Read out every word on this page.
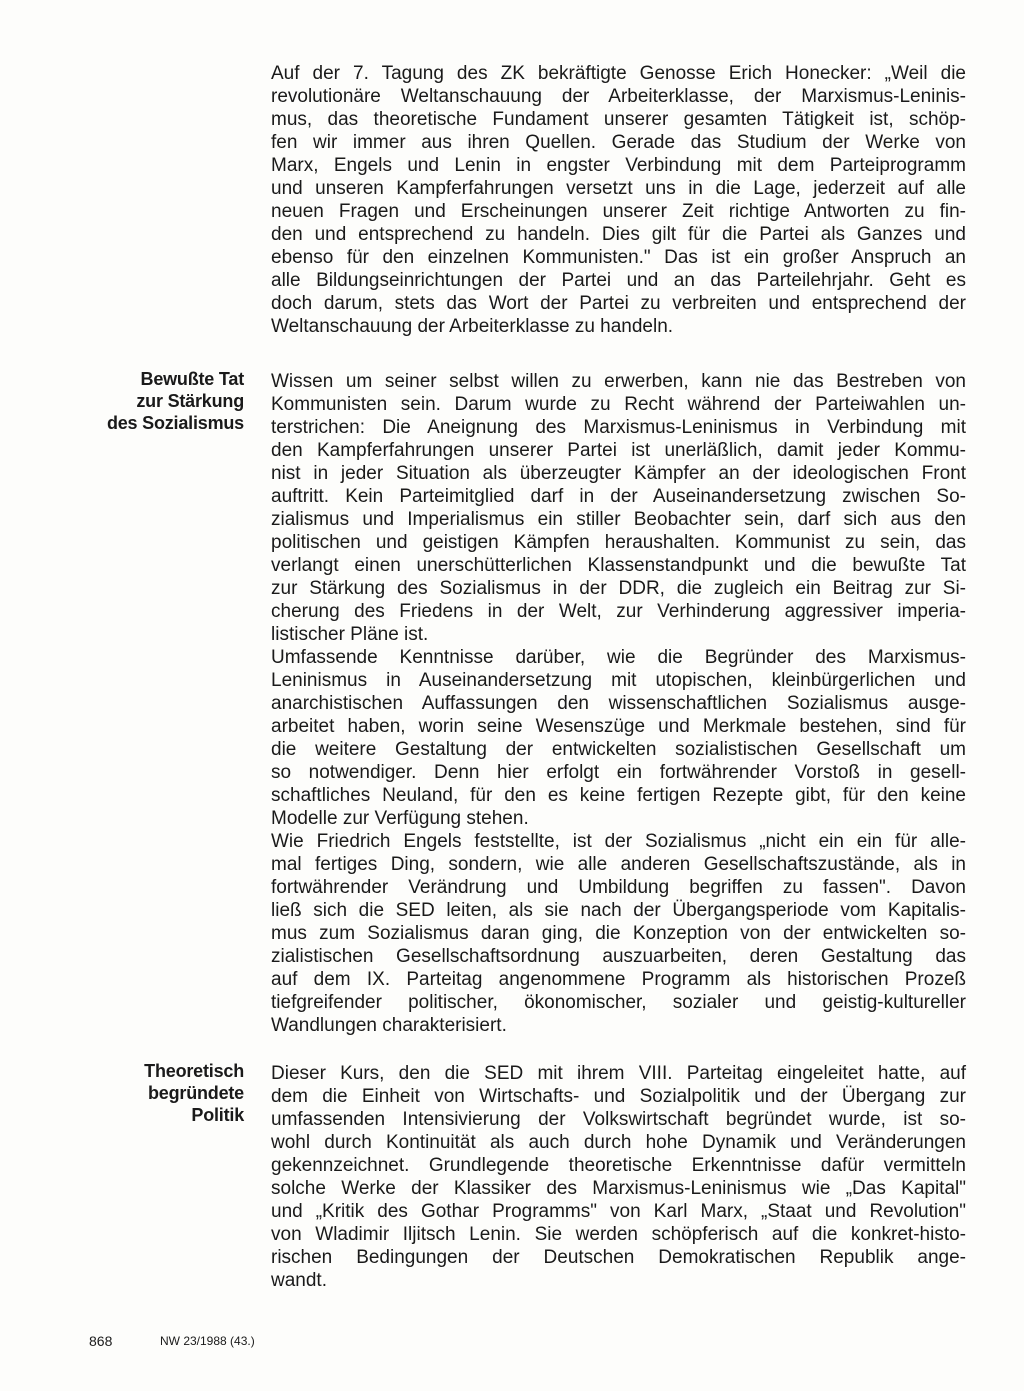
Auf der 7. Tagung des ZK bekräftigte Genosse Erich Honecker: „Weil die
revolutionäre Weltanschauung der Arbeiterklasse, der Marxismus-Leninis-
mus, das theoretische Fundament unserer gesamten Tätigkeit ist, schöp-
fen wir immer aus ihren Quellen. Gerade das Studium der Werke von
Marx, Engels und Lenin in engster Verbindung mit dem Parteiprogramm
und unseren Kampferfahrungen versetzt uns in die Lage, jederzeit auf alle
neuen Fragen und Erscheinungen unserer Zeit richtige Antworten zu fin-
den und entsprechend zu handeln. Dies gilt für die Partei als Ganzes und
ebenso für den einzelnen Kommunisten." Das ist ein großer Anspruch an
alle Bildungseinrichtungen der Partei und an das Parteilehrjahr. Geht es
doch darum, stets das Wort der Partei zu verbreiten und entsprechend der
Weltanschauung der Arbeiterklasse zu handeln.
Bewußte Tat
zur Stärkung
des Sozialismus
Wissen um seiner selbst willen zu erwerben, kann nie das Bestreben von
Kommunisten sein. Darum wurde zu Recht während der Parteiwahlen un-
terstrichen: Die Aneignung des Marxismus-Leninismus in Verbindung mit
den Kampferfahrungen unserer Partei ist unerläßlich, damit jeder Kommu-
nist in jeder Situation als überzeugter Kämpfer an der ideologischen Front
auftritt. Kein Parteimitglied darf in der Auseinandersetzung zwischen So-
zialismus und Imperialismus ein stiller Beobachter sein, darf sich aus den
politischen und geistigen Kämpfen heraushalten. Kommunist zu sein, das
verlangt einen unerschütterlichen Klassenstandpunkt und die bewußte Tat
zur Stärkung des Sozialismus in der DDR, die zugleich ein Beitrag zur Si-
cherung des Friedens in der Welt, zur Verhinderung aggressiver imperia-
listischer Pläne ist.
Umfassende Kenntnisse darüber, wie die Begründer des Marxismus-
Leninismus in Auseinandersetzung mit utopischen, kleinbürgerlichen und
anarchistischen Auffassungen den wissenschaftlichen Sozialismus ausge-
arbeitet haben, worin seine Wesenszüge und Merkmale bestehen, sind für
die weitere Gestaltung der entwickelten sozialistischen Gesellschaft um
so notwendiger. Denn hier erfolgt ein fortwährender Vorstoß in gesell-
schaftliches Neuland, für den es keine fertigen Rezepte gibt, für den keine
Modelle zur Verfügung stehen.
Wie Friedrich Engels feststellte, ist der Sozialismus „nicht ein ein für alle-
mal fertiges Ding, sondern, wie alle anderen Gesellschaftszustände, als in
fortwährender Verändrung und Umbildung begriffen zu fassen". Davon
ließ sich die SED leiten, als sie nach der Übergangsperiode vom Kapitalis-
mus zum Sozialismus daran ging, die Konzeption von der entwickelten so-
zialistischen Gesellschaftsordnung auszuarbeiten, deren Gestaltung das
auf dem IX. Parteitag angenommene Programm als historischen Prozeß
tiefgreifender politischer, ökonomischer, sozialer und geistig-kultureller
Wandlungen charakterisiert.
Theoretisch
begründete
Politik
Dieser Kurs, den die SED mit ihrem VIII. Parteitag eingeleitet hatte, auf
dem die Einheit von Wirtschafts- und Sozialpolitik und der Übergang zur
umfassenden Intensivierung der Volkswirtschaft begründet wurde, ist so-
wohl durch Kontinuität als auch durch hohe Dynamik und Veränderungen
gekennzeichnet. Grundlegende theoretische Erkenntnisse dafür vermitteln
solche Werke der Klassiker des Marxismus-Leninismus wie „Das Kapital"
und „Kritik des Gothar Programms" von Karl Marx, „Staat und Revolution"
von Wladimir Iljitsch Lenin. Sie werden schöpferisch auf die konkret-histo-
rischen Bedingungen der Deutschen Demokratischen Republik ange-
wandt.
868	NW 23/1988 (43.)
